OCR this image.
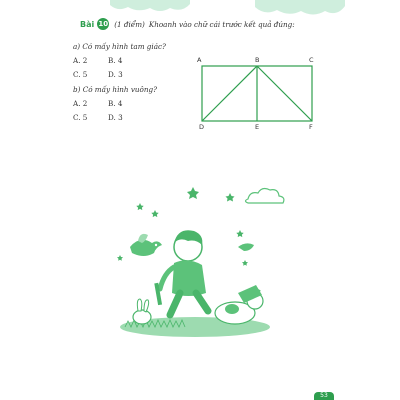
Bài 10 (1 điểm) Khoanh vào chữ cái trước kết quả đúng:
a) Có mấy hình tam giác?
A. 2	B. 4
C. 5	D. 3
b) Có mấy hình vuông?
A. 2	B. 4
C. 5	D. 3
A	B	C
D	E	F
53
